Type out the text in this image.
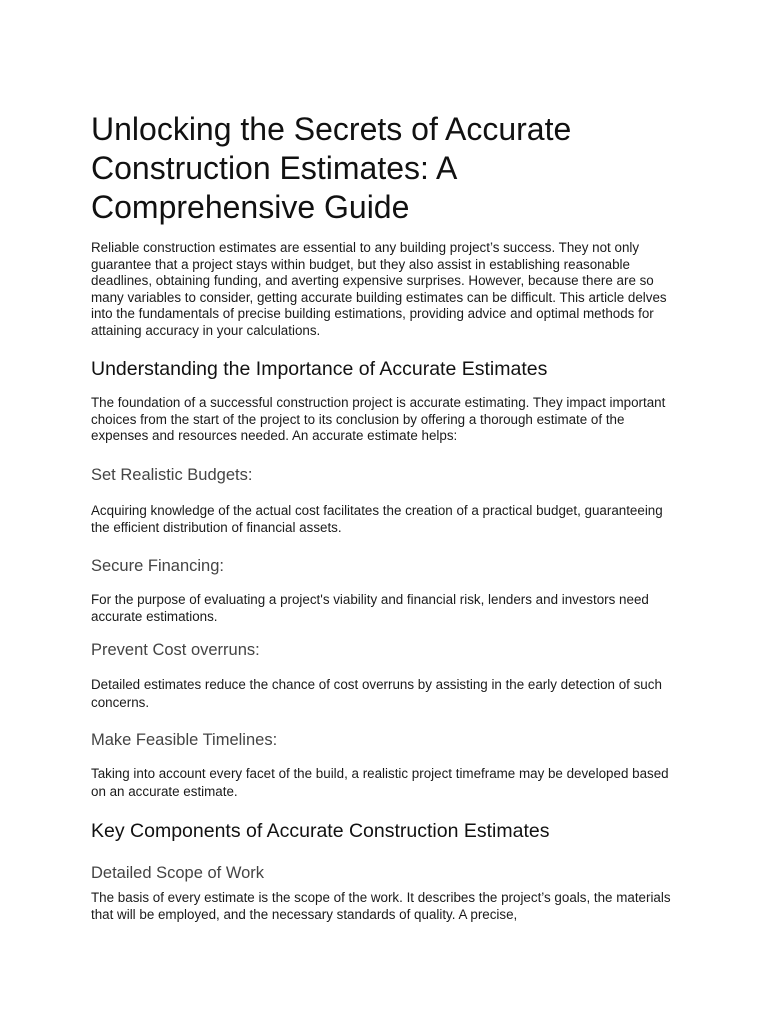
Unlocking the Secrets of Accurate Construction Estimates: A Comprehensive Guide

Reliable construction estimates are essential to any building project’s success. They not only guarantee that a project stays within budget, but they also assist in establishing reasonable deadlines, obtaining funding, and averting expensive surprises. However, because there are so many variables to consider, getting accurate building estimates can be difficult. This article delves into the fundamentals of precise building estimations, providing advice and optimal methods for attaining accuracy in your calculations.

Understanding the Importance of Accurate Estimates

The foundation of a successful construction project is accurate estimating. They impact important choices from the start of the project to its conclusion by offering a thorough estimate of the expenses and resources needed. An accurate estimate helps:

Set Realistic Budgets:

Acquiring knowledge of the actual cost facilitates the creation of a practical budget, guaranteeing the efficient distribution of financial assets.

Secure Financing:

For the purpose of evaluating a project's viability and financial risk, lenders and investors need accurate estimations.

Prevent Cost overruns:

Detailed estimates reduce the chance of cost overruns by assisting in the early detection of such concerns.

Make Feasible Timelines:

Taking into account every facet of the build, a realistic project timeframe may be developed based on an accurate estimate.

Key Components of Accurate Construction Estimates
Detailed Scope of Work

The basis of every estimate is the scope of the work. It describes the project’s goals, the materials that will be employed, and the necessary standards of quality. A precise,
